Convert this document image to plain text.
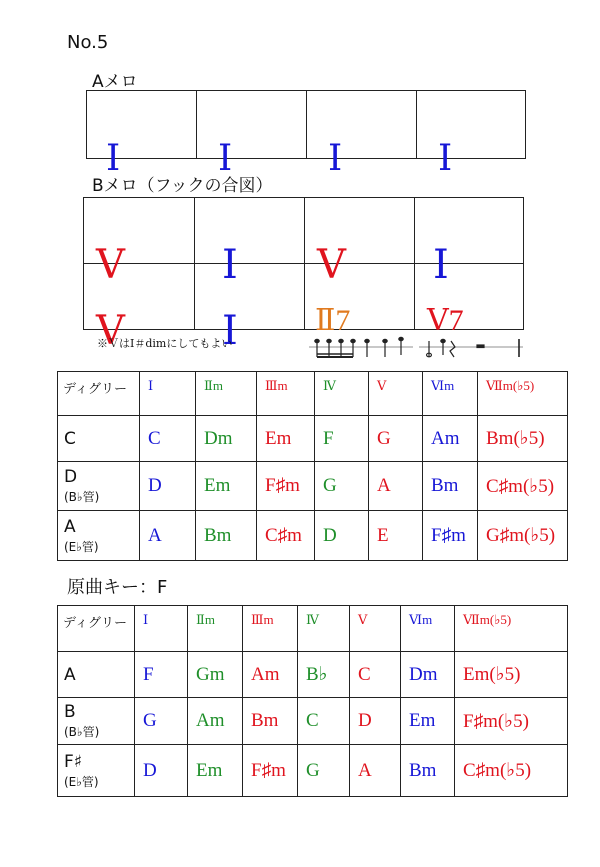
No.5
Aメロ
Ⅰ	Ⅰ	Ⅰ	Ⅰ
Bメロ（フックの合図）
Ⅴ	Ⅰ	Ⅴ	Ⅰ

Ⅴ	Ⅰ	Ⅱ7	Ⅴ7
※ＶはⅠ＃dimにしてもよい
ディグリー	Ⅰ	Ⅱm	Ⅲm	Ⅳ	Ⅴ	Ⅵm	Ⅶm(♭5)
C	C	Dm	Em	F	G	Am	Bm(♭5)
D
(B♭管)	D	Em	F♯m	G	A	Bm	C♯m(♭5)
A
(E♭管)	A	Bm	C♯m	D	E	F♯m	G♯m(♭5)
原曲キー：F
ディグリー	Ⅰ	Ⅱm	Ⅲm	Ⅳ	Ⅴ	Ⅵm	Ⅶm(♭5)
A	F	Gm	Am	B♭	C	Dm	Em(♭5)
B
(B♭管)	G	Am	Bm	C	D	Em	F♯m(♭5)
F♯
(E♭管)	D	Em	F♯m	G	A	Bm	C♯m(♭5)
